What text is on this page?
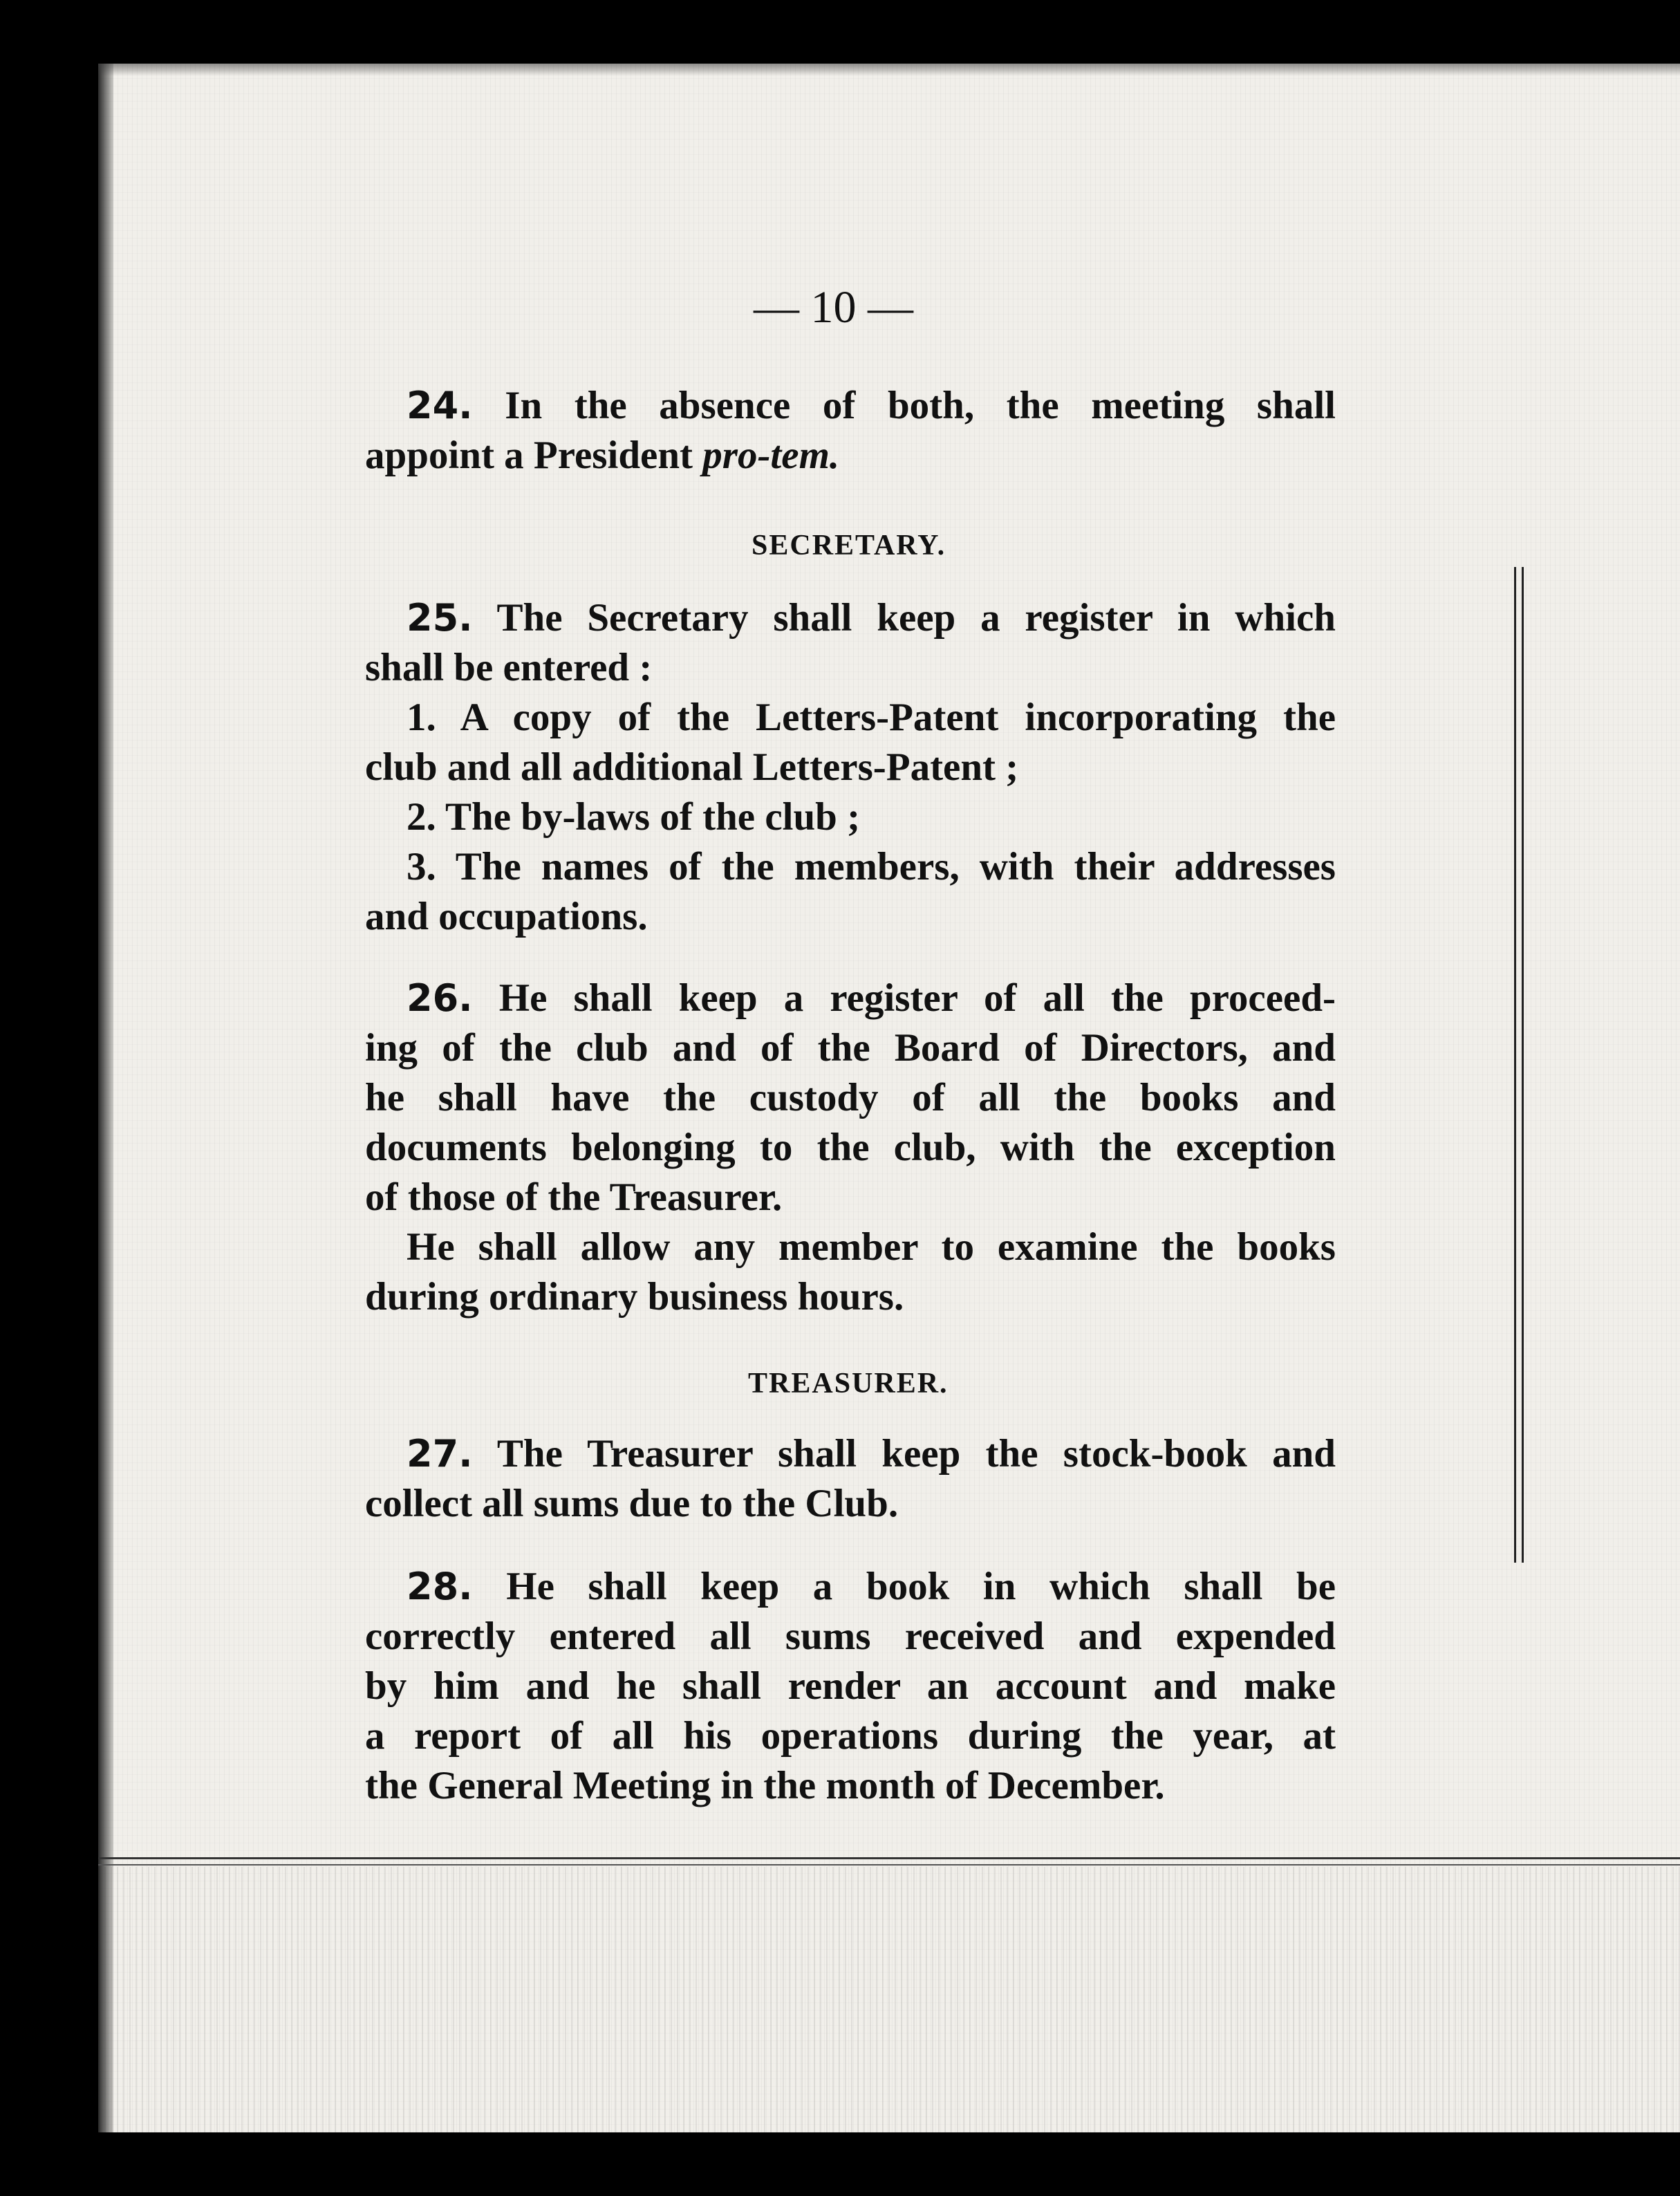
— 10 —
24. In the absence of both, the meeting shall
appoint a President pro-tem.
SECRETARY.
25. The Secretary shall keep a register in which
shall be entered :
1. A copy of the Letters-Patent incorporating the
club and all additional Letters-Patent ;
2. The by-laws of the club ;
3. The names of the members, with their addresses
and occupations.
26. He shall keep a register of all the proceed-
ing of the club and of the Board of Directors, and
he shall have the custody of all the books and
documents belonging to the club, with the exception
of those of the Treasurer.
He shall allow any member to examine the books
during ordinary business hours.
TREASURER.
27. The Treasurer shall keep the stock-book and
collect all sums due to the Club.
28. He shall keep a book in which shall be
correctly entered all sums received and expended
by him and he shall render an account and make
a report of all his operations during the year, at
the General Meeting in the month of December.
